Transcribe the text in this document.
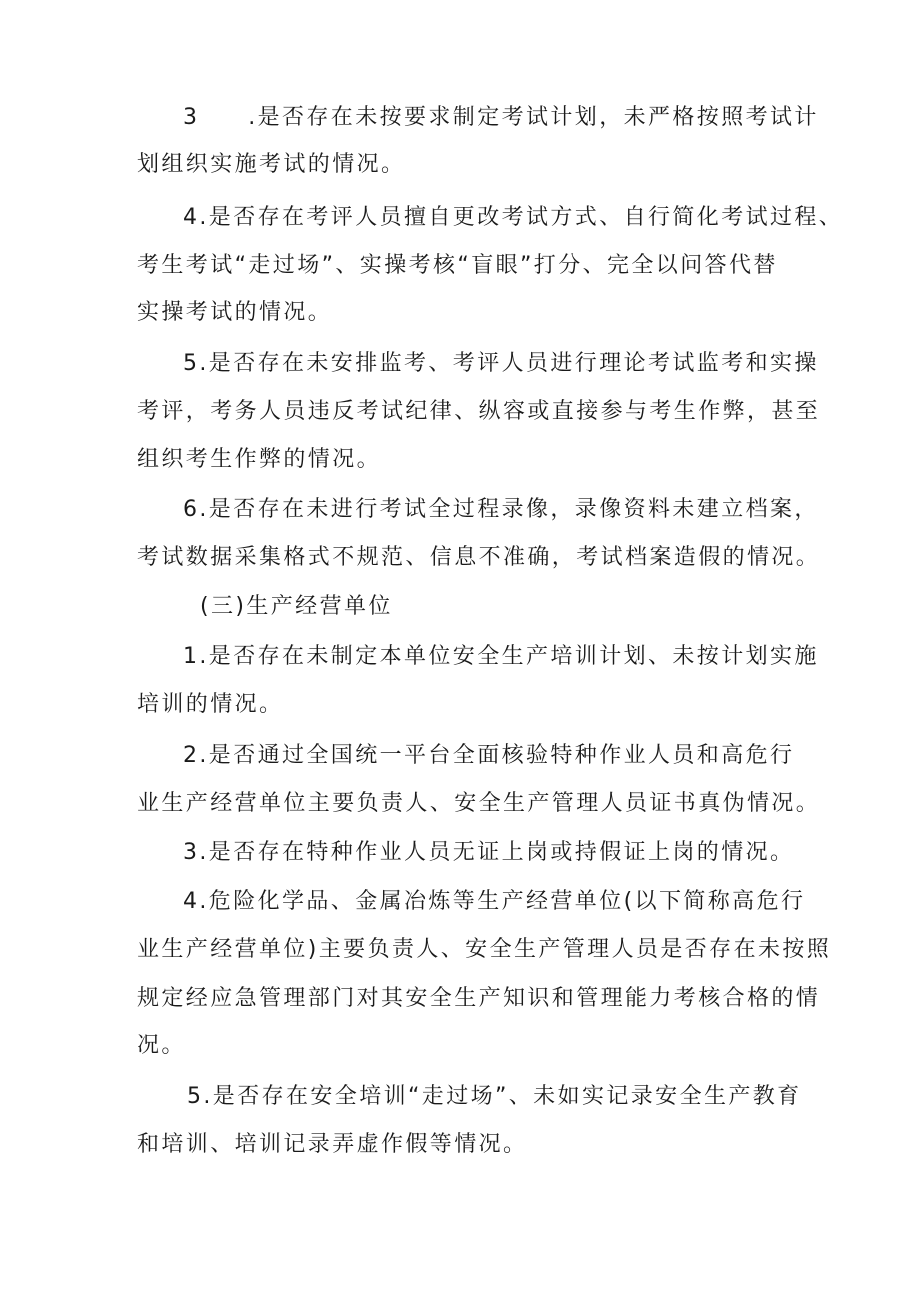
3　　.是否存在未按要求制定考试计划，未严格按照考试计
划组织实施考试的情况。
4.是否存在考评人员擅自更改考试方式、自行简化考试过程、
考生考试“走过场”、实操考核“盲眼”打分、完全以问答代替
实操考试的情况。
5.是否存在未安排监考、考评人员进行理论考试监考和实操
考评，考务人员违反考试纪律、纵容或直接参与考生作弊，甚至
组织考生作弊的情况。
6.是否存在未进行考试全过程录像，录像资料未建立档案，
考试数据采集格式不规范、信息不准确，考试档案造假的情况。
(三)生产经营单位
1.是否存在未制定本单位安全生产培训计划、未按计划实施
培训的情况。
2.是否通过全国统一平台全面核验特种作业人员和高危行
业生产经营单位主要负责人、安全生产管理人员证书真伪情况。
3.是否存在特种作业人员无证上岗或持假证上岗的情况。
4.危险化学品、金属冶炼等生产经营单位(以下简称高危行
业生产经营单位)主要负责人、安全生产管理人员是否存在未按照
规定经应急管理部门对其安全生产知识和管理能力考核合格的情
况。
5.是否存在安全培训“走过场”、未如实记录安全生产教育
和培训、培训记录弄虚作假等情况。
